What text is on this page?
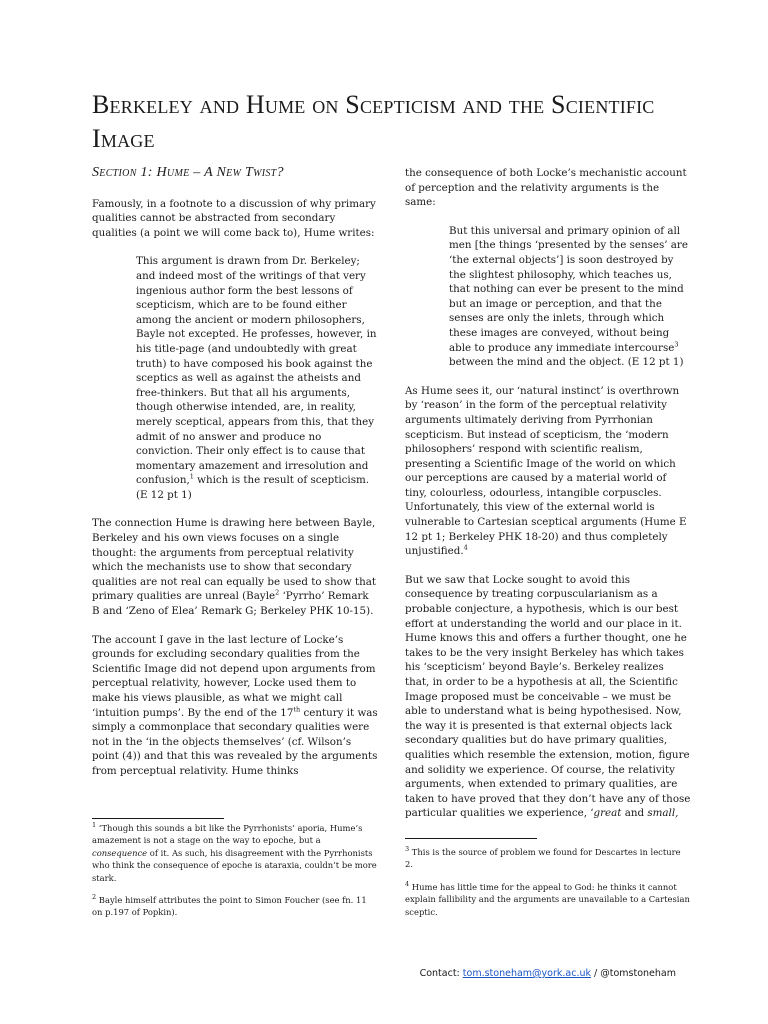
Berkeley and Hume on Scepticism and the Scientific Image
Section 1: Hume – A New Twist?

Famously, in a footnote to a discussion of why primary qualities cannot be abstracted from secondary qualities (a point we will come back to), Hume writes:

This argument is drawn from Dr. Berkeley; and indeed most of the writings of that very ingenious author form the best lessons of scepticism, which are to be found either among the ancient or modern philosophers, Bayle not excepted. He professes, however, in his title-page (and undoubtedly with great truth) to have composed his book against the sceptics as well as against the atheists and free-thinkers. But that all his arguments, though otherwise intended, are, in reality, merely sceptical, appears from this, that they admit of no answer and produce no conviction. Their only effect is to cause that momentary amazement and irresolution and confusion,$^1$ which is the result of scepticism. (E 12 pt 1)

The connection Hume is drawing here between Bayle, Berkeley and his own views focuses on a single thought: the arguments from perceptual relativity which the mechanists use to show that secondary qualities are not real can equally be used to show that primary qualities are unreal (Bayle$^2$ ‘Pyrrho’ Remark B and ‘Zeno of Elea’ Remark G; Berkeley PHK 10-15).

The account I gave in the last lecture of Locke’s grounds for excluding secondary qualities from the Scientific Image did not depend upon arguments from perceptual relativity, however, Locke used them to make his views plausible, as what we might call ‘intuition pumps’. By the end of the 17th century it was simply a commonplace that secondary qualities were not in the ‘in the objects themselves’ (cf. Wilson’s point (4)) and that this was revealed by the arguments from perceptual relativity. Hume thinks

the consequence of both Locke’s mechanistic account of perception and the relativity arguments is the same:

But this universal and primary opinion of all men [the things ‘presented by the senses’ are ‘the external objects’] is soon destroyed by the slightest philosophy, which teaches us, that nothing can ever be present to the mind but an image or perception, and that the senses are only the inlets, through which these images are conveyed, without being able to produce any immediate intercourse$^3$ between the mind and the object. (E 12 pt 1)

As Hume sees it, our ‘natural instinct’ is overthrown by ‘reason’ in the form of the perceptual relativity arguments ultimately deriving from Pyrrhonian scepticism. But instead of scepticism, the ‘modern philosophers’ respond with scientific realism, presenting a Scientific Image of the world on which our perceptions are caused by a material world of tiny, colourless, odourless, intangible corpuscles. Unfortunately, this view of the external world is vulnerable to Cartesian sceptical arguments (Hume E 12 pt 1; Berkeley PHK 18-20) and thus completely unjustified.$^4$

But we saw that Locke sought to avoid this consequence by treating corpuscularianism as a probable conjecture, a hypothesis, which is our best effort at understanding the world and our place in it. Hume knows this and offers a further thought, one he takes to be the very insight Berkeley has which takes his ‘scepticism’ beyond Bayle’s. Berkeley realizes that, in order to be a hypothesis at all, the Scientific Image proposed must be conceivable – we must be able to understand what is being hypothesised. Now, the way it is presented is that external objects lack secondary qualities but do have primary qualities, qualities which resemble the extension, motion, figure and solidity we experience. Of course, the relativity arguments, when extended to primary qualities, are taken to have proved that they don’t have any of those particular qualities we experience, ‘great and small,

$^1$ ‘Though this sounds a bit like the Pyrrhonists’ aporia, Hume’s amazement is not a stage on the way to epoche, but a consequence of it. As such, his disagreement with the Pyrrhonists who think the consequence of epoche is ataraxia, couldn’t be more stark.

$^2$ Bayle himself attributes the point to Simon Foucher (see fn. 11 on p.197 of Popkin).

$^3$ This is the source of problem we found for Descartes in lecture 2.

$^4$ Hume has little time for the appeal to God: he thinks it cannot explain fallibility and the arguments are unavailable to a Cartesian sceptic.

Contact: tom.stoneham@york.ac.uk / @tomstoneham
